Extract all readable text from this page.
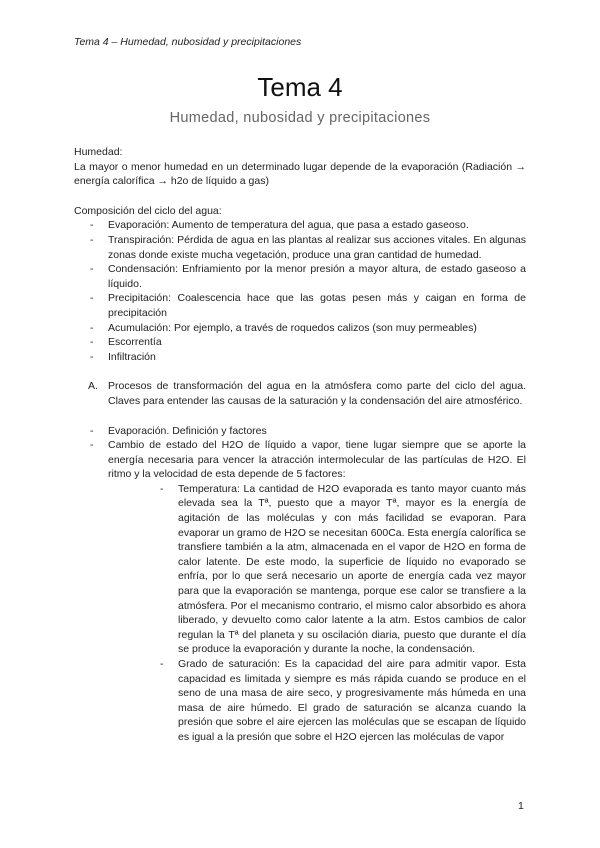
Tema 4 – Humedad, nubosidad y precipitaciones
Tema 4
Humedad, nubosidad y precipitaciones

Humedad:

La mayor o menor humedad en un determinado lugar depende de la evaporación (Radiación → energía calorífica → h2o de líquido a gas)

Composición del ciclo del agua:

- Evaporación: Aumento de temperatura del agua, que pasa a estado gaseoso.
- Transpiración: Pérdida de agua en las plantas al realizar sus acciones vitales. En algunas zonas donde existe mucha vegetación, produce una gran cantidad de humedad.
- Condensación: Enfriamiento por la menor presión a mayor altura, de estado gaseoso a líquido.
- Precipitación: Coalescencia hace que las gotas pesen más y caigan en forma de precipitación
- Acumulación: Por ejemplo, a través de roquedos calizos (son muy permeables)
- Escorrentía
- Infiltración
A. Procesos de transformación del agua en la atmósfera como parte del ciclo del agua. Claves para entender las causas de la saturación y la condensación del aire atmosférico.
- Evaporación. Definición y factores
- Cambio de estado del H2O de líquido a vapor, tiene lugar siempre que se aporte la energía necesaria para vencer la atracción intermolecular de las partículas de H2O. El ritmo y la velocidad de esta depende de 5 factores:
- Temperatura: La cantidad de H2O evaporada es tanto mayor cuanto más elevada sea la Tª, puesto que a mayor Tª, mayor es la energía de agitación de las moléculas y con más facilidad se evaporan. Para evaporar un gramo de H2O se necesitan 600Ca. Esta energía calorífica se transfiere también a la atm, almacenada en el vapor de H2O en forma de calor latente. De este modo, la superficie de líquido no evaporado se enfría, por lo que será necesario un aporte de energía cada vez mayor para que la evaporación se mantenga, porque ese calor se transfiere a la atmósfera. Por el mecanismo contrario, el mismo calor absorbido es ahora liberado, y devuelto como calor latente a la atm. Estos cambios de calor regulan la Tª del planeta y su oscilación diaria, puesto que durante el día se produce la evaporación y durante la noche, la condensación.
- Grado de saturación: Es la capacidad del aire para admitir vapor. Esta capacidad es limitada y siempre es más rápida cuando se produce en el seno de una masa de aire seco, y progresivamente más húmeda en una masa de aire húmedo. El grado de saturación se alcanza cuando la presión que sobre el aire ejercen las moléculas que se escapan de líquido es igual a la presión que sobre el H2O ejercen las moléculas de vapor
1
